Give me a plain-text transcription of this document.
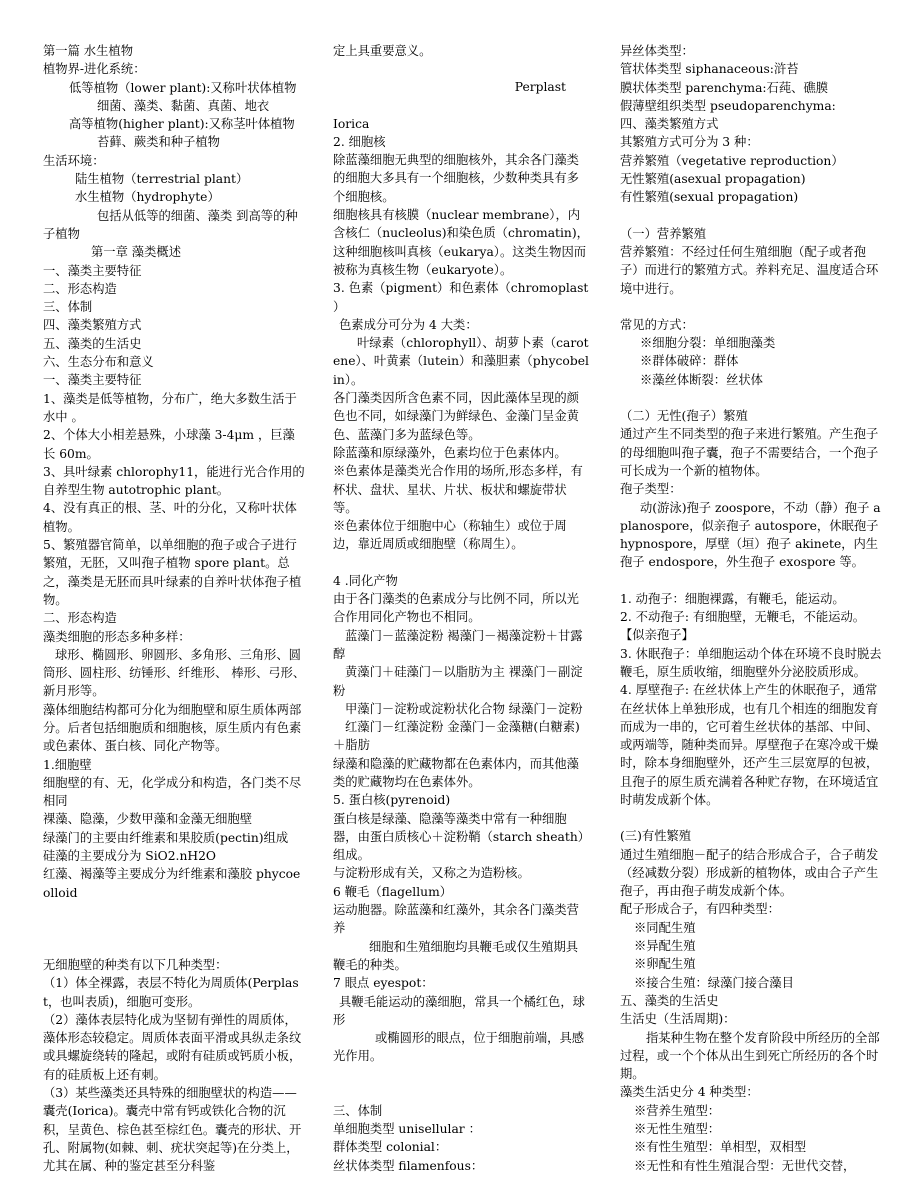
第一篇 水生植物

植物界-进化系统：

低等植物（lower plant):又称叶状体植物

细菌、藻类、黏菌、真菌、地衣

高等植物(higher plant):又称茎叶体植物

苔藓、蕨类和种子植物

生活环境：

陆生植物（terrestrial plant）

水生植物（hydrophyte）

包括从低等的细菌、藻类 到高等的种子植物

第一章 藻类概述

一、藻类主要特征

二、形态构造

三、体制

四、藻类繁殖方式

五、藻类的生活史

六、生态分布和意义

一、藻类主要特征

1、藻类是低等植物，分布广，绝大多数生活于水中 。

2、个体大小相差悬殊，小球藻 3-4μm ，巨藻长 60m。

3、具叶绿素 chlorophy11，能进行光合作用的自养型生物 autotrophic plant。

4、没有真正的根、茎、叶的分化，又称叶状体植物。

5、繁殖器官简单，以单细胞的孢子或合子进行繁殖，无胚，又叫孢子植物 spore plant。总之，藻类是无胚而具叶绿素的自养叶状体孢子植物。

二、形态构造

藻类细胞的形态多种多样：

球形、椭圆形、卵圆形、多角形、三角形、圆筒形、圆柱形、纺锤形、纤维形、 棒形、弓形、新月形等。

藻体细胞结构都可分化为细胞壁和原生质体两部分。后者包括细胞质和细胞核，原生质内有色素或色素体、蛋白核、同化产物等。

1.细胞壁

细胞壁的有、无，化学成分和构造，各门类不尽相同

裸藻、隐藻，少数甲藻和金藻无细胞壁

绿藻门的主要由纤维素和果胶质(pectin)组成

硅藻的主要成分为 SiO2.nH2O

红藻、褐藻等主要成分为纤维素和藻胶 phycoeolloid

无细胞壁的种类有以下几种类型：

（1）体全裸露，表层不特化为周质体(Perplast，也叫表质)，细胞可变形。

（2）藻体表层特化成为坚韧有弹性的周质体，藻体形态较稳定。周质体表面平滑或具纵走条纹或具螺旋绕转的隆起，或附有硅质或钙质小板，有的硅质板上还有刺。

（3）某些藻类还具特殊的细胞壁状的构造——囊壳(Iorica)。囊壳中常有钙或铁化合物的沉积，呈黄色、棕色甚至棕红色。囊壳的形状、开孔、附属物(如棘、刺、疣状突起等)在分类上，尤其在属、种的鉴定甚至分科鉴

定上具重要意义。

Perplast

Iorica

2. 细胞核

除蓝藻细胞无典型的细胞核外，其余各门藻类的细胞大多具有一个细胞核，少数种类具有多个细胞核。

细胞核具有核膜（nuclear membrane），内含核仁（nucleolus)和染色质（chromatin)，这种细胞核叫真核（eukarya）。这类生物因而被称为真核生物（eukaryote）。

3. 色素（pigment）和色素体（chromoplast ）

色素成分可分为 4 大类：

叶绿素（chlorophyll）、胡萝卜素（carotene）、叶黄素（lutein）和藻胆素（phycobelin）。

各门藻类因所含色素不同，因此藻体呈现的颜色也不同，如绿藻门为鲜绿色、金藻门呈金黄色、蓝藻门多为蓝绿色等。

除蓝藻和原绿藻外，色素均位于色素体内。

※色素体是藻类光合作用的场所,形态多样，有杯状、盘状、星状、片状、板状和螺旋带状等。

※色素体位于细胞中心（称轴生）或位于周边，靠近周质或细胞壁（称周生）。

4 .同化产物

由于各门藻类的色素成分与比例不同，所以光合作用同化产物也不相同。

蓝藻门－蓝藻淀粉 褐藻门－褐藻淀粉＋甘露醇

黄藻门＋硅藻门－以脂肪为主 裸藻门－副淀粉

甲藻门－淀粉或淀粉状化合物 绿藻门－淀粉

红藻门－红藻淀粉 金藻门－金藻糖(白糖素)＋脂肪

绿藻和隐藻的贮藏物都在色素体内，而其他藻类的贮藏物均在色素体外。

5. 蛋白核(pyrenoid)

蛋白核是绿藻、隐藻等藻类中常有一种细胞器，由蛋白质核心＋淀粉鞘（starch sheath）组成。

与淀粉形成有关，又称之为造粉核。

6 鞭毛（flagellum）

运动胞器。除蓝藻和红藻外，其余各门藻类营养

细胞和生殖细胞均具鞭毛或仅生殖期具鞭毛的种类。

7 眼点 eyespot：

具鞭毛能运动的藻细胞，常具一个橘红色，球形

或椭圆形的眼点，位于细胞前端，具感光作用。

三、体制

单细胞类型 unisellular ：

群体类型 colonial：

丝状体类型 filamenfous：

异丝体类型：

管状体类型 siphanaceous:浒苔

膜状体类型 parenchyma:石莼、礁膜

假薄壁组织类型 pseudoparenchyma:

四、藻类繁殖方式

其繁殖方式可分为 3 种：

营养繁殖（vegetative reproduction）

无性繁殖(asexual propagation)

有性繁殖(sexual propagation)

（一）营养繁殖

营养繁殖：不经过任何生殖细胞（配子或者孢子）而进行的繁殖方式。养料充足、温度适合环境中进行。

常见的方式：

※细胞分裂：单细胞藻类

※群体破碎：群体

※藻丝体断裂：丝状体

（二）无性(孢子）繁殖

通过产生不同类型的孢子来进行繁殖。产生孢子的母细胞叫孢子囊，孢子不需要结合，一个孢子可长成为一个新的植物体。

孢子类型：

动(游泳)孢子 zoospore，不动（静）孢子 aplanospore，似亲孢子 autospore，休眠孢子 hypnospore，厚壁（垣）孢子 akinete，内生孢子 endospore，外生孢子 exospore 等。

1. 动孢子：细胞裸露，有鞭毛，能运动。

2. 不动孢子: 有细胞壁，无鞭毛，不能运动。

【似亲孢子】

3. 休眠孢子：单细胞运动个体在环境不良时脱去鞭毛，原生质收缩，细胞壁外分泌胶质形成。

4. 厚壁孢子: 在丝状体上产生的休眠孢子，通常在丝状体上单独形成，也有几个相连的细胞发育而成为一串的，它可着生丝状体的基部、中间、或两端等，随种类而异。厚壁孢子在寒冷或干燥时，除本身细胞壁外，还产生三层宽厚的包被，且孢子的原生质充满着各种贮存物，在环境适宜时萌发成新个体。

(三)有性繁殖

通过生殖细胞－配子的结合形成合子，合子萌发（经减数分裂）形成新的植物体，或由合子产生孢子，再由孢子萌发成新个体。

配子形成合子，有四种类型：

※同配生殖

※异配生殖

※卵配生殖

※接合生殖：绿藻门接合藻目

五、藻类的生活史

生活史（生活周期)：

指某种生物在整个发育阶段中所经历的全部过程，或一个个体从出生到死亡所经历的各个时期。

藻类生活史分 4 种类型：

※营养生殖型：

※无性生殖型：

※有性生殖型：单相型，双相型

※无性和有性生殖混合型：无世代交替，
